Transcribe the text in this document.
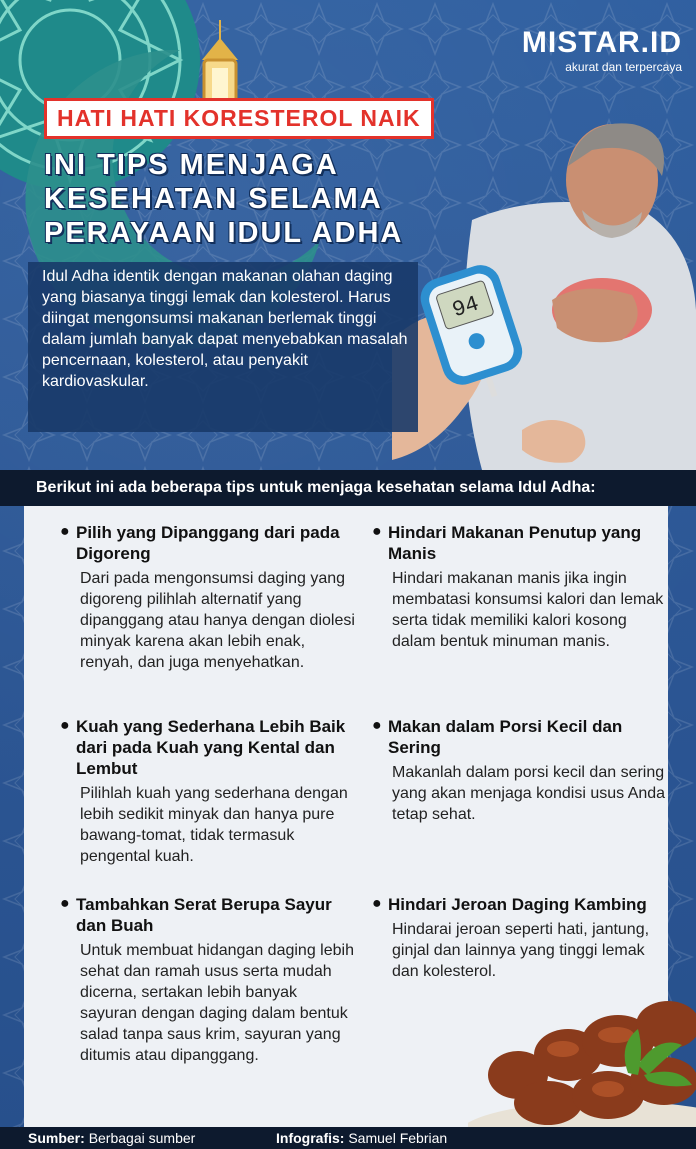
MISTAR.ID
akurat dan terpercaya
HATI HATI KORESTEROL NAIK
INI TIPS MENJAGA
KESEHATAN SELAMA
PERAYAAN IDUL ADHA
94
Idul Adha identik dengan makanan olahan daging yang biasanya tinggi lemak dan kolesterol. Harus diingat mengonsumsi makanan berlemak tinggi dalam jumlah banyak dapat menyebabkan masalah pencernaan, kolesterol, atau penyakit kardiovaskular.
Berikut ini ada beberapa tips untuk menjaga kesehatan selama Idul Adha:
● Pilih yang Dipanggang dari pada Digoreng
Dari pada mengonsumsi daging yang digoreng pilihlah alternatif yang dipanggang atau hanya dengan diolesi minyak karena akan lebih enak, renyah, dan juga menyehatkan.
● Hindari Makanan Penutup yang Manis
Hindari makanan manis jika ingin membatasi konsumsi kalori dan lemak serta tidak memiliki kalori kosong dalam bentuk minuman manis.
● Kuah yang Sederhana Lebih Baik dari pada Kuah yang Kental dan Lembut
Pilihlah kuah yang sederhana dengan lebih sedikit minyak dan hanya pure bawang-tomat, tidak termasuk pengental kuah.
● Makan dalam Porsi Kecil dan Sering
Makanlah dalam porsi kecil dan sering yang akan menjaga kondisi usus Anda tetap sehat.
● Tambahkan Serat Berupa Sayur dan Buah
Untuk membuat hidangan daging lebih sehat dan ramah usus serta mudah dicerna, sertakan lebih banyak sayuran dengan daging dalam bentuk salad tanpa saus krim, sayuran yang ditumis atau dipanggang.
● Hindari Jeroan Daging Kambing
Hindarai jeroan seperti hati, jantung, ginjal dan lainnya yang tinggi lemak dan kolesterol.
Sumber: Berbagai sumber	Infografis: Samuel Febrian
